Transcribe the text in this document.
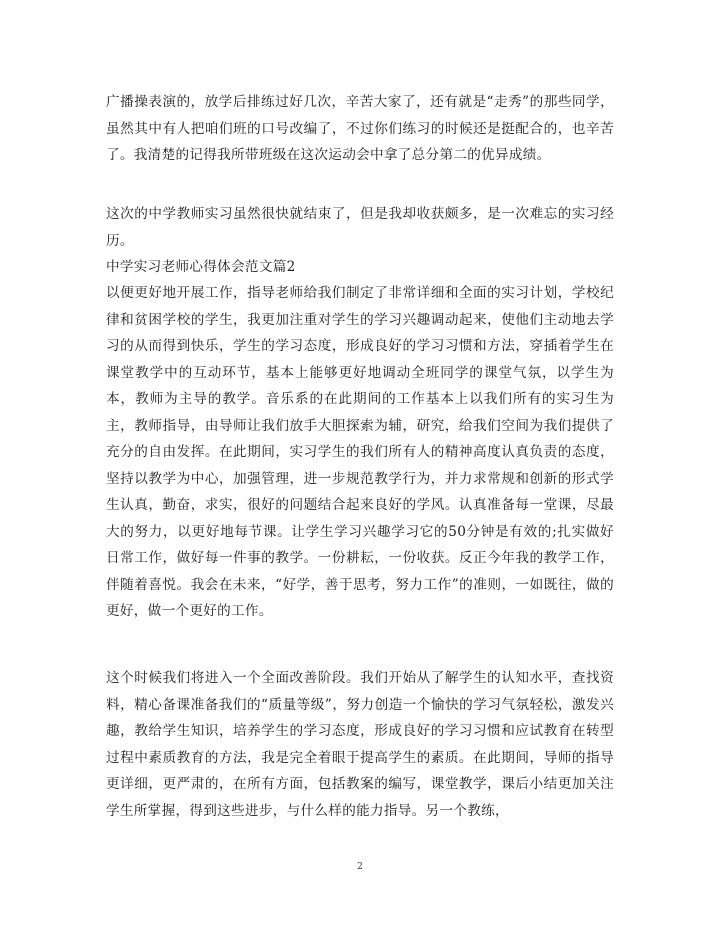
广播操表演的，放学后排练过好几次，辛苦大家了，还有就是“走秀”的那些同学，虽然其中有人把咱们班的口号改编了，不过你们练习的时候还是挺配合的，也辛苦了。我清楚的记得我所带班级在这次运动会中拿了总分第二的优异成绩。

这次的中学教师实习虽然很快就结束了，但是我却收获颇多，是一次难忘的实习经历。

中学实习老师心得体会范文篇2

以便更好地开展工作，指导老师给我们制定了非常详细和全面的实习计划，学校纪律和贫困学校的学生，我更加注重对学生的学习兴趣调动起来，使他们主动地去学习的从而得到快乐，学生的学习态度，形成良好的学习习惯和方法，穿插着学生在课堂教学中的互动环节，基本上能够更好地调动全班同学的课堂气氛，以学生为本，教师为主导的教学。音乐系的在此期间的工作基本上以我们所有的实习生为主，教师指导，由导师让我们放手大胆探索为辅，研究，给我们空间为我们提供了充分的自由发挥。在此期间，实习学生的我们所有人的精神高度认真负责的态度，坚持以教学为中心，加强管理，进一步规范教学行为，并力求常规和创新的形式学生认真，勤奋，求实，很好的问题结合起来良好的学风。认真准备每一堂课，尽最大的努力，以更好地每节课。让学生学习兴趣学习它的50分钟是有效的;扎实做好日常工作，做好每一件事的教学。一份耕耘，一份收获。反正今年我的教学工作，伴随着喜悦。我会在未来，“好学，善于思考，努力工作”的准则，一如既往，做的更好，做一个更好的工作。

这个时候我们将进入一个全面改善阶段。我们开始从了解学生的认知水平，查找资料，精心备课准备我们的“质量等级”，努力创造一个愉快的学习气氛轻松，激发兴趣，教给学生知识，培养学生的学习态度，形成良好的学习习惯和应试教育在转型过程中素质教育的方法，我是完全着眼于提高学生的素质。在此期间，导师的指导更详细，更严肃的，在所有方面，包括教案的编写，课堂教学，课后小结更加关注学生所掌握，得到这些进步，与什么样的能力指导。另一个教练，

2
